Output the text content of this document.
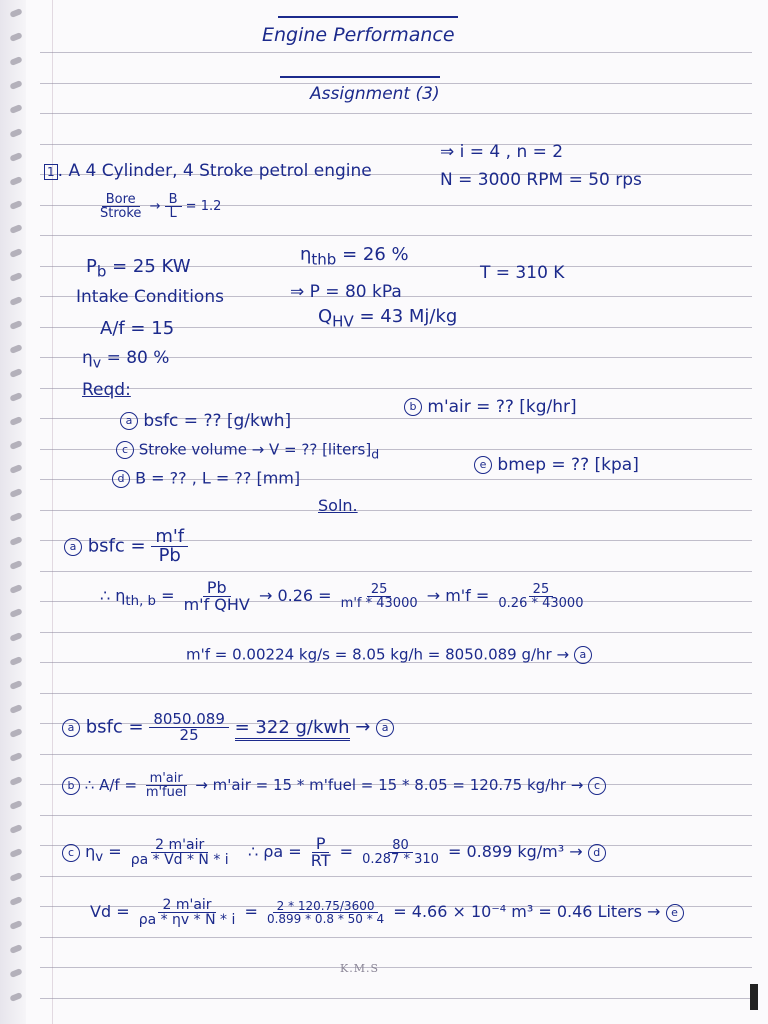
Engine Performance
Assignment (3)
1 . A 4 Cylinder, 4 Stroke petrol engine
⇒ i = 4 , n = 2
$\frac{\text{Bore}}{\text{Stroke}} \to \frac{B}{L} = 1.2$
N = 3000 RPM = 50 rps
$P_b = 25$ KW
$\eta_{thb} = 26$ %
Intake Conditions	⇒ P = 80 kPa
T = 310 K
A/f = 15
$Q_{HV} = 43$ Mj/kg
$\eta_v = 80$ %
Reqd:
a bsfc = ?? [g/kwh]
b m'air = ?? [kg/hr]
c Stroke volume → V = ?? $[liters]_d$
d B = ?? , L = ?? [mm]
e bmep = ?? [kpa]
Soln.
a bsfc = $\frac{m'f}{Pb}$
∴ $\eta_{th, b} = \frac{Pb}{\text{m'f QHV}} \to 0.26 = \frac{25}{m'f * 43000} \to m'f = \frac{25}{0.26 * 43000}$
m'f = 0.00224 kg/s = 8.05 kg/h = 8050.089 g/hr → a
a bsfc = $\frac{8050.089}{25} = 322$ g/kwh → a
b ∴ $A/f = \frac{\text{m'air}}{\text{m'fuel}} \to m'air = 15$ * m'fuel = 15 * 8.05 = 120.75 kg/hr → c
c $\eta_v = \frac{\text{2 m'air}}{\rho a * Vd * N * i}$ ∴ $\rho a = \frac{P}{RT} = \frac{80}{0.287 * 310} = 0.899$ kg/m³ → d
$Vd = \frac{\text{2 m'air}}{\rho a * \eta v * N * i} = \frac{2 * 120.75/3600}{0.899 * 0.8 * 50 * 4} = 4.66 \times 10^{-4}$ m³ = 0.46 Liters → e
K.M.S
